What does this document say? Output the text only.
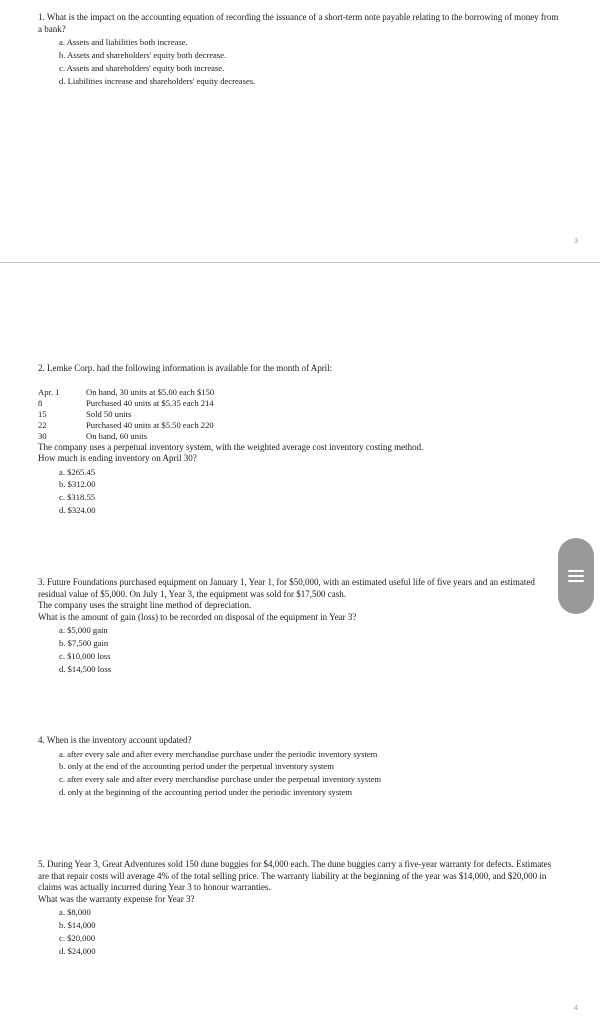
1. What is the impact on the accounting equation of recording the issuance of a short-term note payable relating to the borrowing of money from a bank?

a. Assets and liabilities both increase.
b. Assets and shareholders' equity both decrease.
c. Assets and shareholders' equity both increase.
d. Liabilities increase and shareholders' equity decreases.
3

2. Lemke Corp. had the following information is available for the month of April:

Apr. 1	On hand, 30 units at $5.00 each $150
8	Purchased 40 units at $5.35 each 214
15	Sold 50 units
22	Purchased 40 units at $5.50 each 220
30	On hand, 60 units

The company uses a perpetual inventory system, with the weighted average cost inventory costing method.

How much is ending inventory on April 30?

a. $265.45
b. $312.00
c. $318.55
d. $324.00

3. Future Foundations purchased equipment on January 1, Year 1, for $50,000, with an estimated useful life of five years and an estimated residual value of $5,000. On July 1, Year 3, the equipment was sold for $17,500 cash.

The company uses the straight line method of depreciation.

What is the amount of gain (loss) to be recorded on disposal of the equipment in Year 3?

a. $5,000 gain
b. $7,500 gain
c. $10,000 loss
d. $14,500 loss

4. When is the inventory account updated?

a. after every sale and after every merchandise purchase under the periodic inventory system
b. only at the end of the accounting period under the perpetual inventory system
c. after every sale and after every merchandise purchase under the perpetual inventory system
d. only at the beginning of the accounting period under the periodic inventory system

5. During Year 3, Great Adventures sold 150 dune buggies for $4,000 each. The dune buggies carry a five-year warranty for defects. Estimates are that repair costs will average 4% of the total selling price. The warranty liability at the beginning of the year was $14,000, and $20,000 in claims was actually incurred during Year 3 to honour warranties.

What was the warranty expense for Year 3?

a. $8,000
b. $14,000
c. $20,000
d. $24,000
4
